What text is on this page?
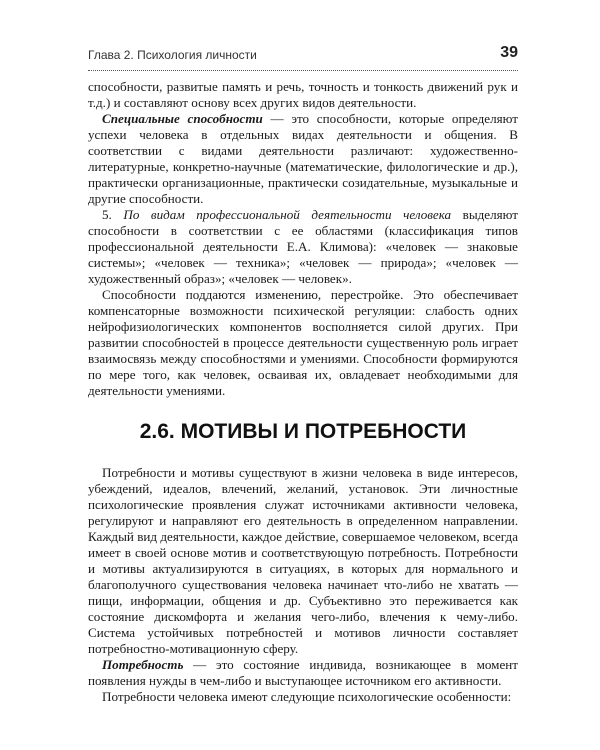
Глава 2. Психология личности	39

способности, развитые память и речь, точность и тонкость движений рук и т.д.) и составляют основу всех других видов деятельности.

Специальные способности — это способности, которые определяют успехи человека в отдельных видах деятельности и общения. В соответствии с видами деятельности различают: художественно-литературные, конкретно-научные (математические, филологические и др.), практически организационные, практически созидательные, музыкальные и другие способности.

5. По видам профессиональной деятельности человека выделяют способности в соответствии с ее областями (классификация типов профессиональной деятельности Е.А. Климова): «человек — знаковые системы»; «человек — техника»; «человек — природа»; «человек — художественный образ»; «человек — человек».

Способности поддаются изменению, перестройке. Это обеспечивает компенсаторные возможности психической регуляции: слабость одних нейрофизиологических компонентов восполняется силой других. При развитии способностей в процессе деятельности существенную роль играет взаимосвязь между способностями и умениями. Способности формируются по мере того, как человек, осваивая их, овладевает необходимыми для деятельности умениями.

2.6. МОТИВЫ И ПОТРЕБНОСТИ

Потребности и мотивы существуют в жизни человека в виде интересов, убеждений, идеалов, влечений, желаний, установок. Эти личностные психологические проявления служат источниками активности человека, регулируют и направляют его деятельность в определенном направлении. Каждый вид деятельности, каждое действие, совершаемое человеком, всегда имеет в своей основе мотив и соответствующую потребность. Потребности и мотивы актуализируются в ситуациях, в которых для нормального и благополучного существования человека начинает что-либо не хватать — пищи, информации, общения и др. Субъективно это переживается как состояние дискомфорта и желания чего-либо, влечения к чему-либо. Система устойчивых потребностей и мотивов личности составляет потребностно-мотивационную сферу.

Потребность — это состояние индивида, возникающее в момент появления нужды в чем-либо и выступающее источником его активности.

Потребности человека имеют следующие психологические особенности:
